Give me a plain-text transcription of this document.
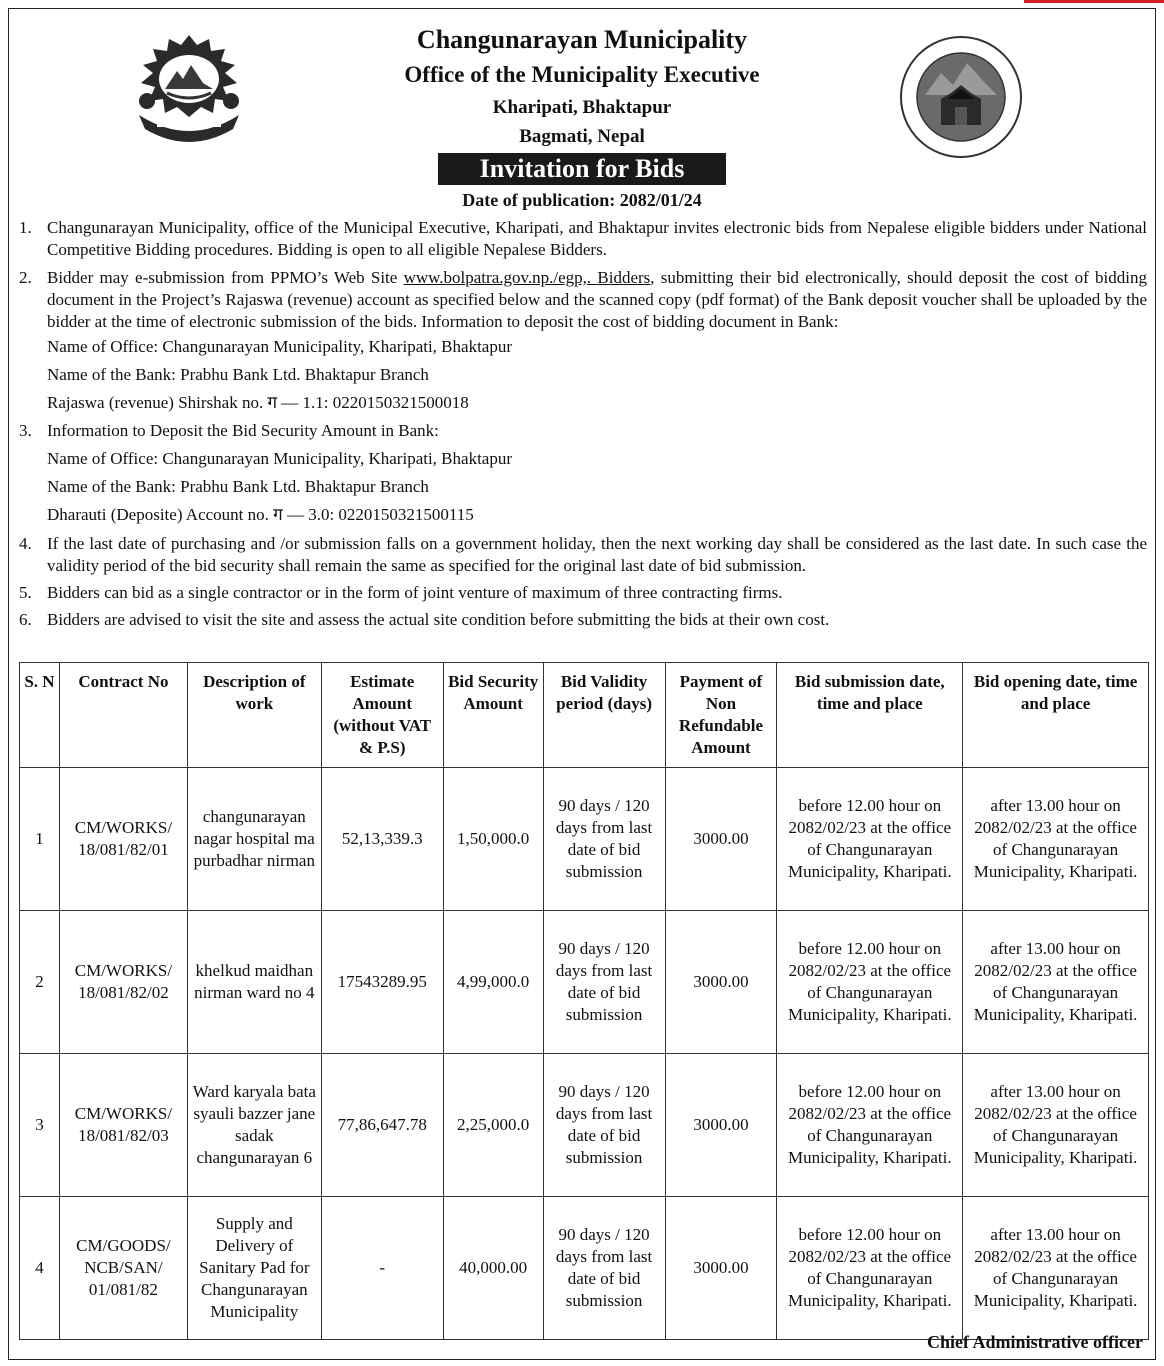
Changunarayan Municipality
Office of the Municipality Executive
Kharipati, Bhaktapur
Bagmati, Nepal
Invitation for Bids
Date of publication: 2082/01/24
1. Changunarayan Municipality, office of the Municipal Executive, Kharipati, and Bhaktapur invites electronic bids from Nepalese eligible bidders under National Competitive Bidding procedures. Bidding is open to all eligible Nepalese Bidders.
2. Bidder may e-submission from PPMO’s Web Site www.bolpatra.gov.np./egp,. Bidders, submitting their bid electronically, should deposit the cost of bidding document in the Project’s Rajaswa (revenue) account as specified below and the scanned copy (pdf format) of the Bank deposit voucher shall be uploaded by the bidder at the time of electronic submission of the bids. Information to deposit the cost of bidding document in Bank:
Name of Office: Changunarayan Municipality, Kharipati, Bhaktapur
Name of the Bank: Prabhu Bank Ltd. Bhaktapur Branch
Rajaswa (revenue) Shirshak no. ग — 1.1: 0220150321500018
3. Information to Deposit the Bid Security Amount in Bank:
Name of Office: Changunarayan Municipality, Kharipati, Bhaktapur
Name of the Bank: Prabhu Bank Ltd. Bhaktapur Branch
Dharauti (Deposite) Account no. ग — 3.0: 0220150321500115
4. If the last date of purchasing and /or submission falls on a government holiday, then the next working day shall be considered as the last date. In such case the validity period of the bid security shall remain the same as specified for the original last date of bid submission.
5. Bidders can bid as a single contractor or in the form of joint venture of maximum of three contracting firms.
6. Bidders are advised to visit the site and assess the actual site condition before submitting the bids at their own cost.
S. N	Contract No	Description of work	Estimate Amount (without VAT & P.S)	Bid Security Amount	Bid Validity period (days)	Payment of Non Refundable Amount	Bid submission date, time and place	Bid opening date, time and place
1	CM/WORKS/ 18/081/82/01	changunarayan nagar hospital ma purbadhar nirman	52,13,339.3	1,50,000.0	90 days / 120 days from last date of bid submission	3000.00	before 12.00 hour on 2082/02/23 at the office of Changunarayan Municipality, Kharipati.	after 13.00 hour on 2082/02/23 at the office of Changunarayan Municipality, Kharipati.
2	CM/WORKS/ 18/081/82/02	khelkud maidhan nirman ward no 4	17543289.95	4,99,000.0	90 days / 120 days from last date of bid submission	3000.00	before 12.00 hour on 2082/02/23 at the office of Changunarayan Municipality, Kharipati.	after 13.00 hour on 2082/02/23 at the office of Changunarayan Municipality, Kharipati.
3	CM/WORKS/ 18/081/82/03	Ward karyala bata syauli bazzer jane sadak changunarayan 6	77,86,647.78	2,25,000.0	90 days / 120 days from last date of bid submission	3000.00	before 12.00 hour on 2082/02/23 at the office of Changunarayan Municipality, Kharipati.	after 13.00 hour on 2082/02/23 at the office of Changunarayan Municipality, Kharipati.
4	CM/GOODS/ NCB/SAN/ 01/081/82	Supply and Delivery of Sanitary Pad for Changunarayan Municipality	-	40,000.00	90 days / 120 days from last date of bid submission	3000.00	before 12.00 hour on 2082/02/23 at the office of Changunarayan Municipality, Kharipati.	after 13.00 hour on 2082/02/23 at the office of Changunarayan Municipality, Kharipati.
Chief Administrative officer
